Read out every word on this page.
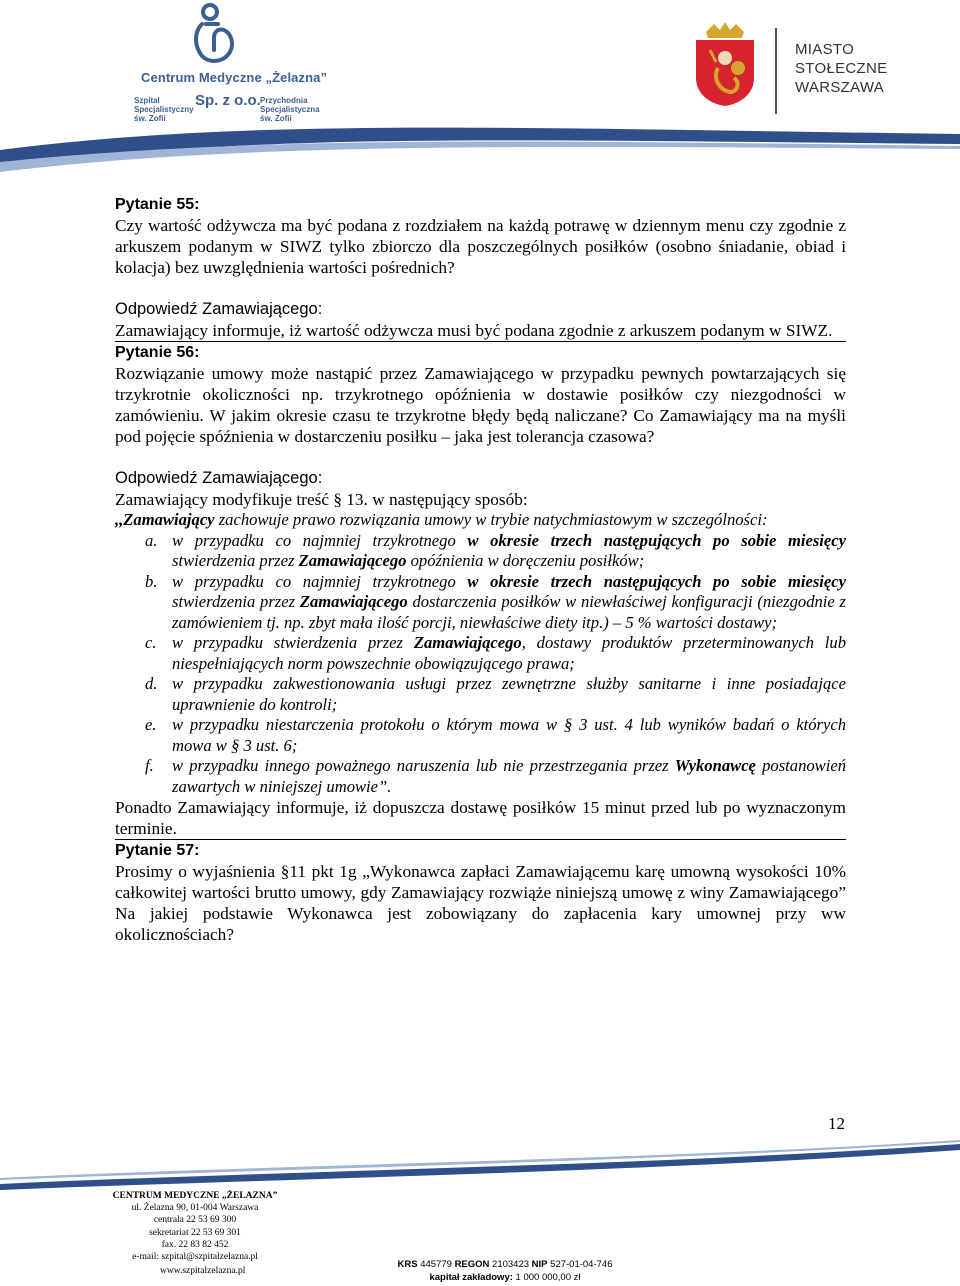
Centrum Medyczne „Żelazna”
Sp. z o.o.
Szpital
Specjalistyczny
św. Zofii
Przychodnia
Specjalistyczna
św. Zofii
MIASTO
STOŁECZNE
WARSZAWA

Pytanie 55:

Czy wartość odżywcza ma być podana z rozdziałem na każdą potrawę w dziennym menu czy zgodnie z arkuszem podanym w SIWZ tylko zbiorczo dla poszczególnych posiłków (osobno śniadanie, obiad i kolacja) bez uwzględnienia wartości pośrednich?

Odpowiedź Zamawiającego:

Zamawiający informuje, iż wartość odżywcza musi być podana zgodnie z arkuszem podanym w SIWZ.

Pytanie 56:

Rozwiązanie umowy może nastąpić przez Zamawiającego w przypadku pewnych powtarzających się trzykrotnie okoliczności np. trzykrotnego opóźnienia w dostawie posiłków czy niezgodności w zamówieniu. W jakim okresie czasu te trzykrotne błędy będą naliczane? Co Zamawiający ma na myśli pod pojęcie spóźnienia w dostarczeniu posiłku – jaka jest tolerancja czasowa?

Odpowiedź Zamawiającego:

Zamawiający modyfikuje treść § 13. w następujący sposób:

,,Zamawiający zachowuje prawo rozwiązania umowy w trybie natychmiastowym w szczególności:

a. w przypadku co najmniej trzykrotnego w okresie trzech następujących po sobie miesięcy stwierdzenia przez Zamawiającego opóźnienia w doręczeniu posiłków;
b. w przypadku co najmniej trzykrotnego w okresie trzech następujących po sobie miesięcy stwierdzenia przez Zamawiającego dostarczenia posiłków w niewłaściwej konfiguracji (niezgodnie z zamówieniem tj. np. zbyt mała ilość porcji, niewłaściwe diety itp.) – 5 % wartości dostawy;
c. w przypadku stwierdzenia przez Zamawiającego, dostawy produktów przeterminowanych lub niespełniających norm powszechnie obowiązującego prawa;
d. w przypadku zakwestionowania usługi przez zewnętrzne służby sanitarne i inne posiadające uprawnienie do kontroli;
e. w przypadku niestarczenia protokołu o którym mowa w § 3 ust. 4 lub wyników badań o których mowa w § 3 ust. 6;
f. w przypadku innego poważnego naruszenia lub nie przestrzegania przez Wykonawcę postanowień zawartych w niniejszej umowie”.

Ponadto Zamawiający informuje, iż dopuszcza dostawę posiłków 15 minut przed lub po wyznaczonym terminie.

Pytanie 57:

Prosimy o wyjaśnienia §11 pkt 1g „Wykonawca zapłaci Zamawiającemu karę umowną wysokości 10% całkowitej wartości brutto umowy, gdy Zamawiający rozwiąże niniejszą umowę z winy Zamawiającego” Na jakiej podstawie Wykonawca jest zobowiązany do zapłacenia kary umownej przy ww okolicznościach?

12
CENTRUM MEDYCZNE „ŻELAZNA”
ul. Żelazna 90, 01-004 Warszawa
centrala 22 53 69 300
sekretariat 22 53 69 301
fax. 22 83 82 452
e-mail: szpital@szpitalzelazna.pl
www.szpitalzelazna.pl
KRS 445779 REGON 2103423 NIP 527-01-04-746
kapitał zakładowy: 1 000 000,00 zł
